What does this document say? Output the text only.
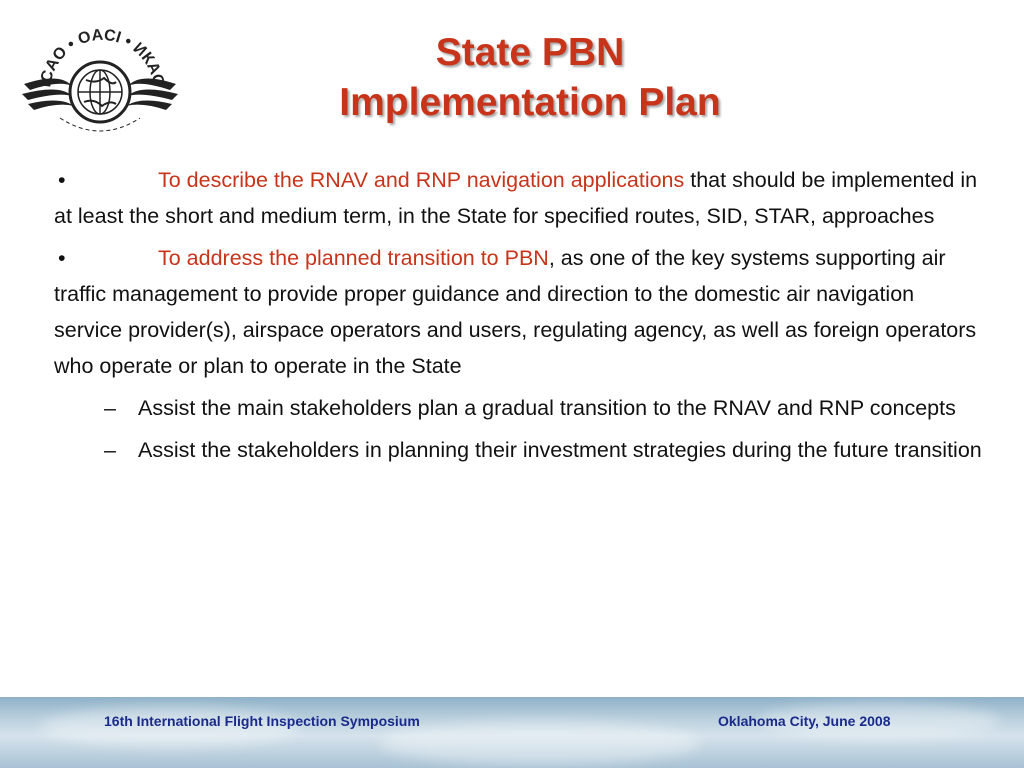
ICAO • OACI • ИКАО
State PBN
Implementation Plan
•	To describe the RNAV and RNP navigation applications that should be implemented in at least the short and medium term, in the State for specified routes, SID, STAR, approaches
•	To address the planned transition to PBN, as one of the key systems supporting air traffic management to provide proper guidance and direction to the domestic air navigation service provider(s), airspace operators and users, regulating agency, as well as foreign operators who operate or plan to operate in the State
– Assist the main stakeholders plan a gradual transition to the RNAV and RNP concepts
– Assist the stakeholders in planning their investment strategies during the future transition
16th International Flight Inspection Symposium	Oklahoma City, June 2008
